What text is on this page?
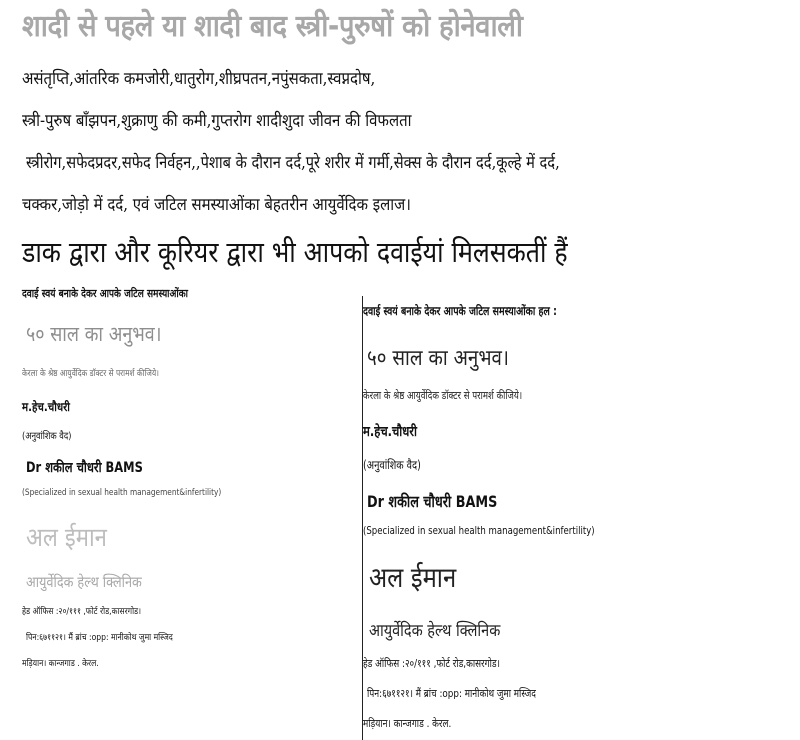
शादी से पहले या शादी बाद स्त्री-पुरुषों को होनेवाली
असंतृप्ति,आंतरिक कमजोरी,धातुरोग,शीघ्रपतन,नपुंसकता,स्वप्नदोष,
स्त्री-पुरुष बाँझपन,शुक्राणु की कमी,गुप्तरोग शादीशुदा जीवन की विफलता
स्त्रीरोग,सफेदप्रदर,सफेद निर्वहन,,पेशाब के दौरान दर्द,पूरे शरीर में गर्मी,सेक्स के दौरान दर्द,कूल्हे में दर्द,
चक्कर,जोड़ो में दर्द, एवं जटिल समस्याओंका बेहतरीन आयुर्वेदिक इलाज।
डाक द्वारा और कूरियर द्वारा भी आपको दवाईयां मिलसकतीं हैं
दवाई स्वयं बनाके देकर आपके जटिल समस्याओंका
५० साल का अनुभव।
केरला के श्रेष्ठ आयुर्वेदिक डॉक्टर से परामर्श कीजिये।
म.हेच.चौधरी
(अनुवांशिक वैद)
Dr शकील चौधरी BAMS
(Specialized in sexual health management&infertility)
अल ईमान
आयुर्वेदिक हेल्थ क्लिनिक
हेड ऑफिस :२०/१११ ,फोर्ट रोड,कासरगोड।
पिन:६७११२१। मैं ब्रांच :opp: मानीकोथ जुमा मस्जिद
मड़ियान। कान्जगाड . केरल.
दवाई स्वयं बनाके देकर आपके जटिल समस्याओंका हल :
५० साल का अनुभव।
केरला के श्रेष्ठ आयुर्वेदिक डॉक्टर से परामर्श कीजिये।
म.हेच.चौधरी
(अनुवांशिक वैद)
Dr शकील चौधरी BAMS
(Specialized in sexual health management&infertility)
अल ईमान
आयुर्वेदिक हेल्थ क्लिनिक
हेड ऑफिस :२०/१११ ,फोर्ट रोड,कासरगोड।
पिन:६७११२१। मैं ब्रांच :opp: मानीकोथ जुमा मस्जिद
मड़ियान। कान्जगाड . केरल.
